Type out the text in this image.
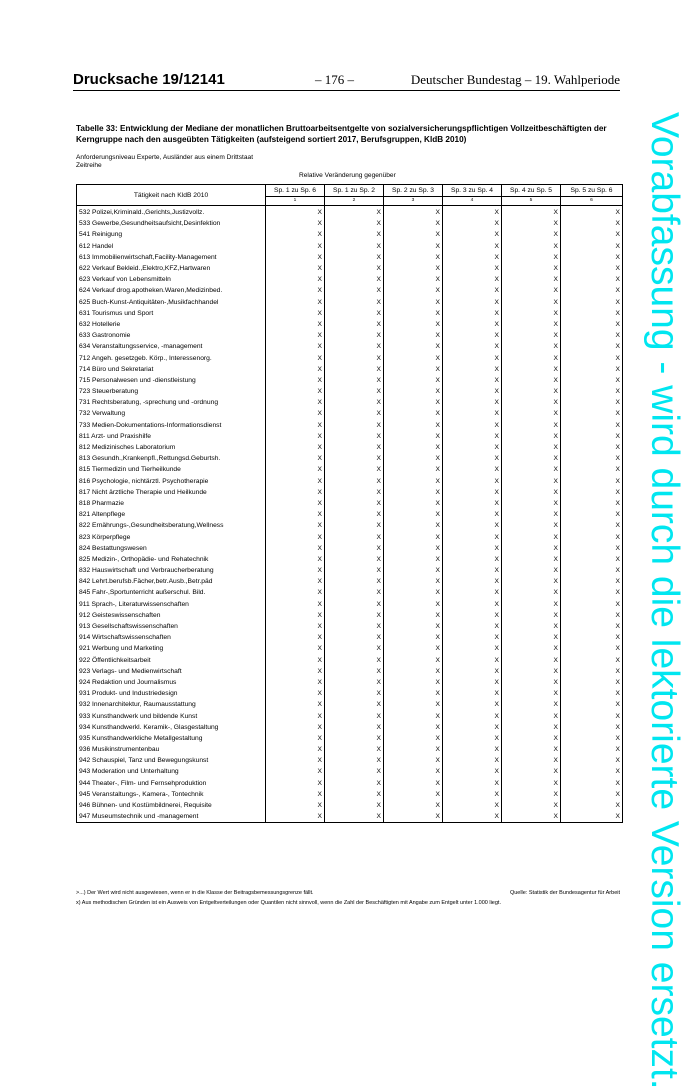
Drucksache 19/12141	– 176 –	Deutscher Bundestag – 19. Wahlperiode
Tabelle 33: Entwicklung der Mediane der monatlichen Bruttoarbeitsentgelte von sozialversicherungspflichtigen Vollzeitbeschäftigten der Kerngruppe nach den ausgeübten Tätigkeiten (aufsteigend sortiert 2017, Berufsgruppen, KldB 2010)
Anforderungsniveau Experte, Ausländer aus einem Drittstaat
Zeitreihe
Relative Veränderung gegenüber
Tätigkeit nach KldB 2010	Sp. 1 zu Sp. 6	Sp. 1 zu Sp. 2	Sp. 2 zu Sp. 3	Sp. 3 zu Sp. 4	Sp. 4 zu Sp. 5	Sp. 5 zu Sp. 6
	1	2	3	4	5	6
532 Polizei,Kriminald.,Gerichts,Justizvollz.	X	X	X	X	X	X
533 Gewerbe,Gesundheitsaufsicht,Desinfektion	X	X	X	X	X	X
541 Reinigung	X	X	X	X	X	X
612 Handel	X	X	X	X	X	X
613 Immobilienwirtschaft,Facility-Management	X	X	X	X	X	X
622 Verkauf Bekleid.,Elektro,KFZ,Hartwaren	X	X	X	X	X	X
623 Verkauf von Lebensmitteln	X	X	X	X	X	X
624 Verkauf drog.apotheken.Waren,Medizinbed.	X	X	X	X	X	X
625 Buch-Kunst-Antiquitäten-,Musikfachhandel	X	X	X	X	X	X
631 Tourismus und Sport	X	X	X	X	X	X
632 Hotellerie	X	X	X	X	X	X
633 Gastronomie	X	X	X	X	X	X
634 Veranstaltungsservice, -management	X	X	X	X	X	X
712 Angeh. gesetzgeb. Körp., Interessenorg.	X	X	X	X	X	X
714 Büro und Sekretariat	X	X	X	X	X	X
715 Personalwesen und -dienstleistung	X	X	X	X	X	X
723 Steuerberatung	X	X	X	X	X	X
731 Rechtsberatung, -sprechung und -ordnung	X	X	X	X	X	X
732 Verwaltung	X	X	X	X	X	X
733 Medien-Dokumentations-Informationsdienst	X	X	X	X	X	X
811 Arzt- und Praxishilfe	X	X	X	X	X	X
812 Medizinisches Laboratorium	X	X	X	X	X	X
813 Gesundh.,Krankenpfl.,Rettungsd.Geburtsh.	X	X	X	X	X	X
815 Tiermedizin und Tierheilkunde	X	X	X	X	X	X
816 Psychologie, nichtärztl. Psychotherapie	X	X	X	X	X	X
817 Nicht ärztliche Therapie und Heilkunde	X	X	X	X	X	X
818 Pharmazie	X	X	X	X	X	X
821 Altenpflege	X	X	X	X	X	X
822 Ernährungs-,Gesundheitsberatung,Wellness	X	X	X	X	X	X
823 Körperpflege	X	X	X	X	X	X
824 Bestattungswesen	X	X	X	X	X	X
825 Medizin-, Orthopädie- und Rehatechnik	X	X	X	X	X	X
832 Hauswirtschaft und Verbraucherberatung	X	X	X	X	X	X
842 Lehrt.berufsb.Fächer,betr.Ausb.,Betr.päd	X	X	X	X	X	X
845 Fahr-,Sportunterricht außerschul. Bild.	X	X	X	X	X	X
911 Sprach-, Literaturwissenschaften	X	X	X	X	X	X
912 Geisteswissenschaften	X	X	X	X	X	X
913 Gesellschaftswissenschaften	X	X	X	X	X	X
914 Wirtschaftswissenschaften	X	X	X	X	X	X
921 Werbung und Marketing	X	X	X	X	X	X
922 Öffentlichkeitsarbeit	X	X	X	X	X	X
923 Verlags- und Medienwirtschaft	X	X	X	X	X	X
924 Redaktion und Journalismus	X	X	X	X	X	X
931 Produkt- und Industriedesign	X	X	X	X	X	X
932 Innenarchitektur, Raumausstattung	X	X	X	X	X	X
933 Kunsthandwerk und bildende Kunst	X	X	X	X	X	X
934 Kunsthandwerkl. Keramik-, Glasgestaltung	X	X	X	X	X	X
935 Kunsthandwerkliche Metallgestaltung	X	X	X	X	X	X
936 Musikinstrumentenbau	X	X	X	X	X	X
942 Schauspiel, Tanz und Bewegungskunst	X	X	X	X	X	X
943 Moderation und Unterhaltung	X	X	X	X	X	X
944 Theater-, Film- und Fernsehproduktion	X	X	X	X	X	X
945 Veranstaltungs-, Kamera-, Tontechnik	X	X	X	X	X	X
946 Bühnen- und Kostümbildnerei, Requisite	X	X	X	X	X	X
947 Museumstechnik und -management	X	X	X	X	X	X
>...) Der Wert wird nicht ausgewiesen, wenn er in die Klasse der Beitragsbemessungsgrenze fällt.	Quelle: Statistik der Bundesagentur für Arbeit
x) Aus methodischen Gründen ist ein Ausweis von Entgeltverteilungen oder Quantilen nicht sinnvoll, wenn die Zahl der Beschäftigten mit Angabe zum Entgelt unter 1.000 liegt.	Vorabfassung - wird durch die lektorierte Version ersetzt.
